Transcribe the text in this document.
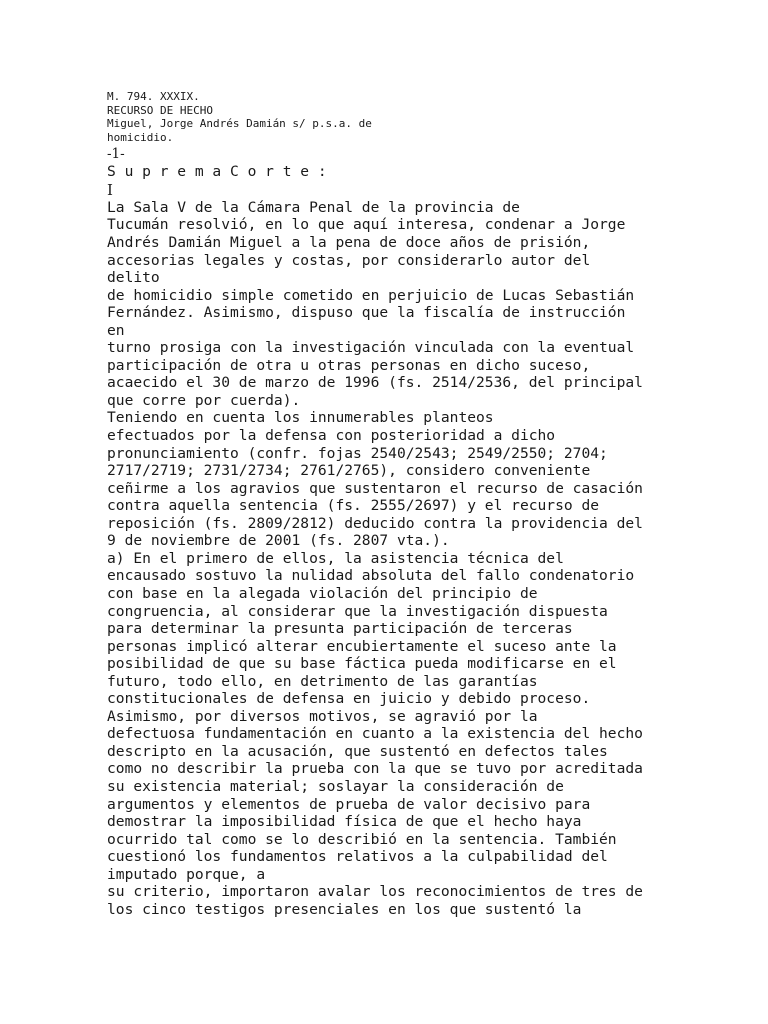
M. 794. XXXIX.
RECURSO DE HECHO
Miguel, Jorge Andrés Damián s/ p.s.a. de
homicidio.
-1-
S u p r e m a C o r t e :
I
La Sala V de la Cámara Penal de la provincia de
Tucumán resolvió, en lo que aquí interesa, condenar a Jorge
Andrés Damián Miguel a la pena de doce años de prisión,
accesorias legales y costas, por considerarlo autor del
delito
de homicidio simple cometido en perjuicio de Lucas Sebastián
Fernández. Asimismo, dispuso que la fiscalía de instrucción
en
turno prosiga con la investigación vinculada con la eventual
participación de otra u otras personas en dicho suceso,
acaecido el 30 de marzo de 1996 (fs. 2514/2536, del principal
que corre por cuerda).
Teniendo en cuenta los innumerables planteos
efectuados por la defensa con posterioridad a dicho
pronunciamiento (confr. fojas 2540/2543; 2549/2550; 2704;
2717/2719; 2731/2734; 2761/2765), considero conveniente
ceñirme a los agravios que sustentaron el recurso de casación
contra aquella sentencia (fs. 2555/2697) y el recurso de
reposición (fs. 2809/2812) deducido contra la providencia del
9 de noviembre de 2001 (fs. 2807 vta.).
a) En el primero de ellos, la asistencia técnica del
encausado sostuvo la nulidad absoluta del fallo condenatorio
con base en la alegada violación del principio de
congruencia, al considerar que la investigación dispuesta
para determinar la presunta participación de terceras
personas implicó alterar encubiertamente el suceso ante la
posibilidad de que su base fáctica pueda modificarse en el
futuro, todo ello, en detrimento de las garantías
constitucionales de defensa en juicio y debido proceso.
Asimismo, por diversos motivos, se agravió por la
defectuosa fundamentación en cuanto a la existencia del hecho
descripto en la acusación, que sustentó en defectos tales
como no describir la prueba con la que se tuvo por acreditada
su existencia material; soslayar la consideración de
argumentos y elementos de prueba de valor decisivo para
demostrar la imposibilidad física de que el hecho haya
ocurrido tal como se lo describió en la sentencia. También
cuestionó los fundamentos relativos a la culpabilidad del
imputado porque, a
su criterio, importaron avalar los reconocimientos de tres de
los cinco testigos presenciales en los que sustentó la
